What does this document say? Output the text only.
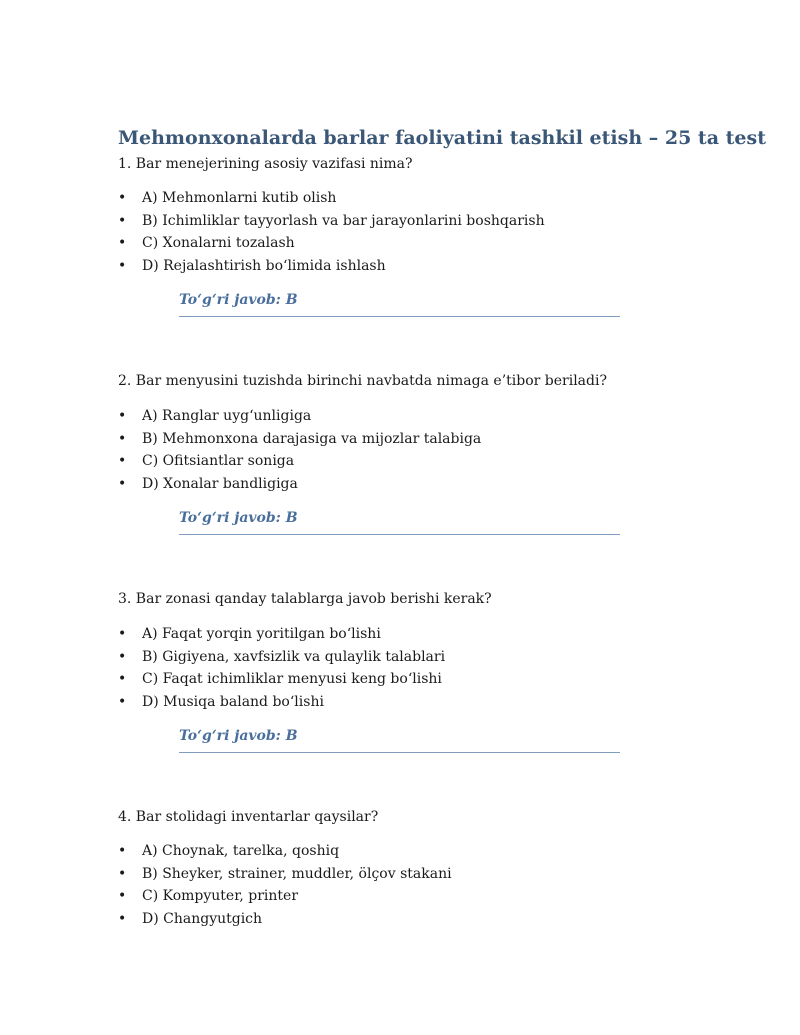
Mehmonxonalarda barlar faoliyatini tashkil etish – 25 ta test

1. Bar menejerining asosiy vazifasi nima?

• A) Mehmonlarni kutib olish
• B) Ichimliklar tayyorlash va bar jarayonlarini boshqarish
• C) Xonalarni tozalash
• D) Rejalashtirish bo‘limida ishlash
To‘g‘ri javob: B

2. Bar menyusini tuzishda birinchi navbatda nimaga e’tibor beriladi?

• A) Ranglar uyg‘unligiga
• B) Mehmonxona darajasiga va mijozlar talabiga
• C) Ofitsiantlar soniga
• D) Xonalar bandligiga
To‘g‘ri javob: B

3. Bar zonasi qanday talablarga javob berishi kerak?

• A) Faqat yorqin yoritilgan bo‘lishi
• B) Gigiyena, xavfsizlik va qulaylik talablari
• C) Faqat ichimliklar menyusi keng bo‘lishi
• D) Musiqa baland bo‘lishi
To‘g‘ri javob: B

4. Bar stolidagi inventarlar qaysilar?

• A) Choynak, tarelka, qoshiq
• B) Sheyker, strainer, muddler, ölçov stakani
• C) Kompyuter, printer
• D) Changyutgich
